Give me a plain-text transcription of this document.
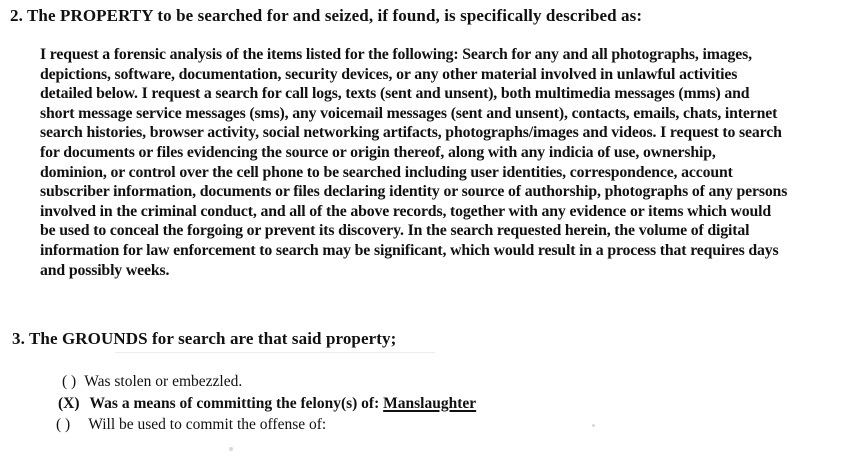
2. The PROPERTY to be searched for and seized, if found, is specifically described as:
I request a forensic analysis of the items listed for the following: Search for any and all photographs, images,
depictions, software, documentation, security devices, or any other material involved in unlawful activities
detailed below. I request a search for call logs, texts (sent and unsent), both multimedia messages (mms) and
short message service messages (sms), any voicemail messages (sent and unsent), contacts, emails, chats, internet
search histories, browser activity, social networking artifacts, photographs/images and videos. I request to search
for documents or files evidencing the source or origin thereof, along with any indicia of use, ownership,
dominion, or control over the cell phone to be searched including user identities, correspondence, account
subscriber information, documents or files declaring identity or source of authorship, photographs of any persons
involved in the criminal conduct, and all of the above records, together with any evidence or items which would
be used to conceal the forgoing or prevent its discovery. In the search requested herein, the volume of digital
information for law enforcement to search may be significant, which would result in a process that requires days
and possibly weeks.
3. The GROUNDS for search are that said property;
( ) Was stolen or embezzled.
(X) Was a means of committing the felony(s) of: Manslaughter
( ) Will be used to commit the offense of:
